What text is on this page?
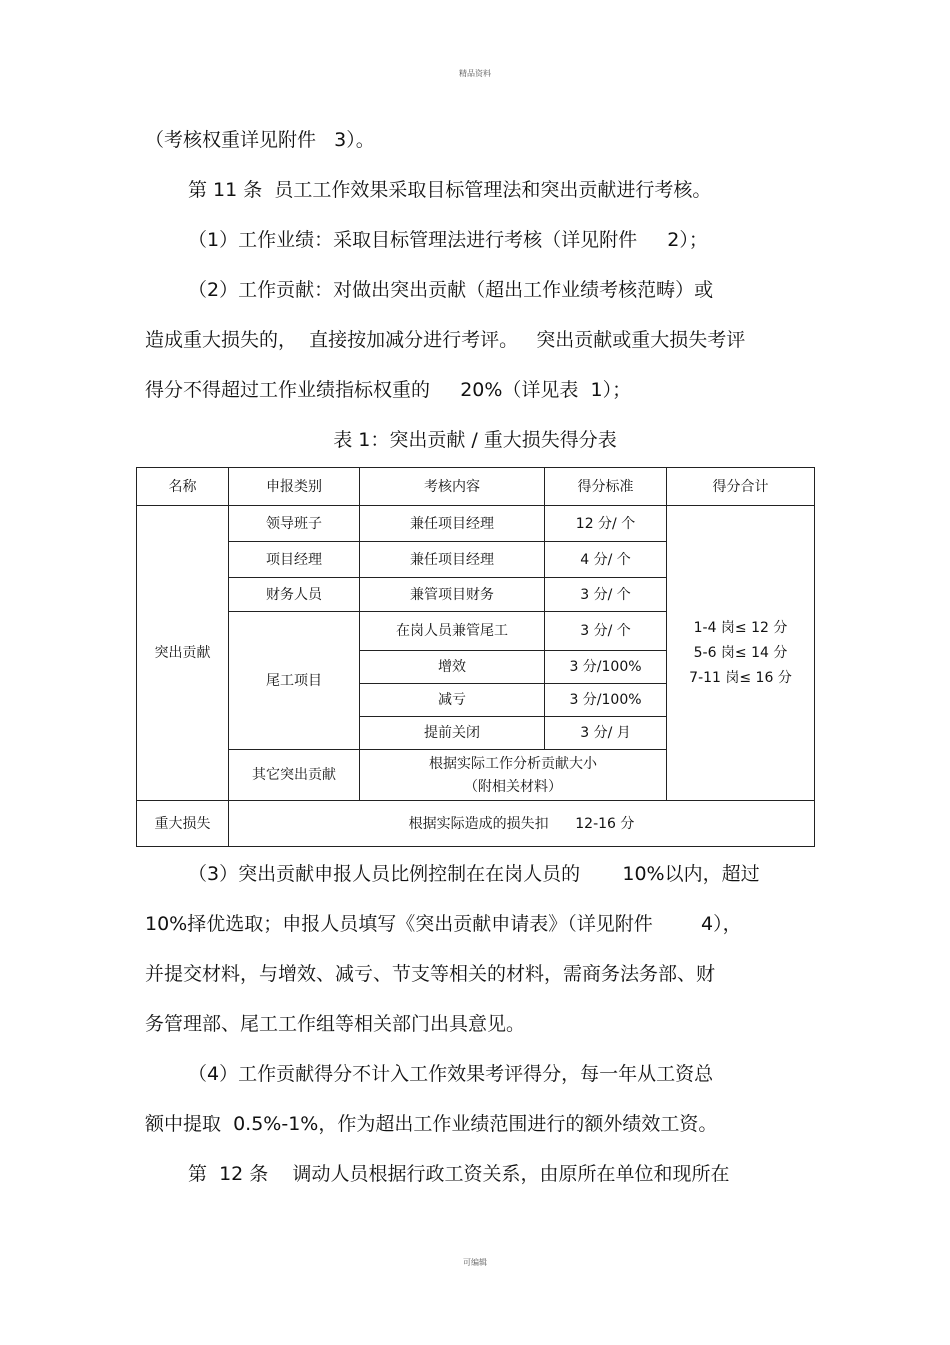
精品资料
（考核权重详见附件   3）。
第 11 条  员工工作效果采取目标管理法和突出贡献进行考核。
（1）工作业绩：采取目标管理法进行考核（详见附件     2）；
（2）工作贡献：对做出突出贡献（超出工作业绩考核范畴）或
造成重大损失的，  直接按加减分进行考评。   突出贡献或重大损失考评
得分不得超过工作业绩指标权重的     20%（详见表  1）；
表 1：突出贡献 / 重大损失得分表
名称	申报类别	考核内容	得分标准	得分合计
突出贡献	领导班子	兼任项目经理	12 分/ 个	1-4 岗≤ 12 分
5-6 岗≤ 14 分
7-11 岗≤ 16 分

	项目经理	兼任项目经理	4 分/ 个	
	财务人员	兼管项目财务	3 分/ 个	
	尾工项目	在岗人员兼管尾工	3 分/ 个	
		增效	3 分/100%	
		减亏	3 分/100%	
		提前关闭	3 分/ 月	
	其它突出贡献	根据实际工作分析贡献大小
（附相关材料）		

重大损失	根据实际造成的损失扣      12-16 分			
（3）突出贡献申报人员比例控制在在岗人员的       10%以内，超过
10%择优选取；申报人员填写《突出贡献申请表》（详见附件        4），
并提交材料，与增效、减亏、节支等相关的材料，需商务法务部、财
务管理部、尾工工作组等相关部门出具意见。
（4）工作贡献得分不计入工作效果考评得分，每一年从工资总
额中提取  0.5%-1%，作为超出工作业绩范围进行的额外绩效工资。
第  12 条    调动人员根据行政工资关系，由原所在单位和现所在
可编辑
